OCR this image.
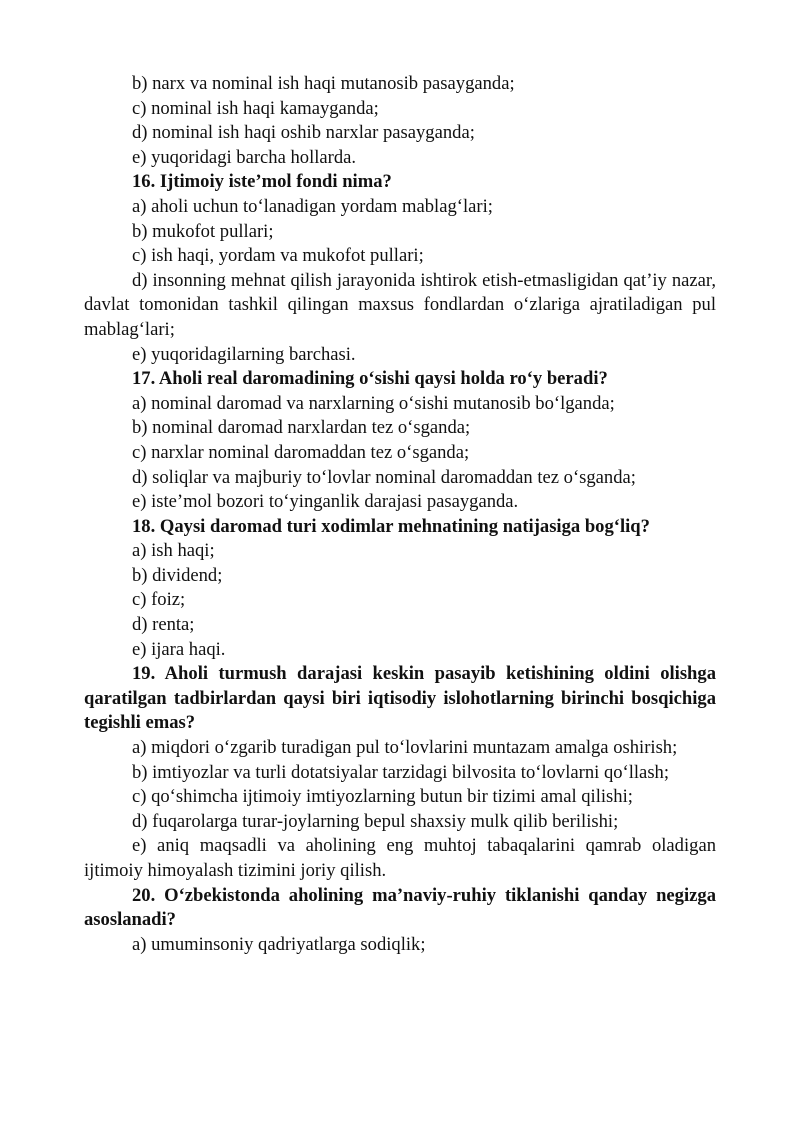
b) narx va nominal ish haqi mutanosib pasayganda;

c) nominal ish haqi kamayganda;

d) nominal ish haqi oshib narxlar pasayganda;

e) yuqoridagi barcha hollarda.

16. Ijtimoiy iste’mol fondi nima?

a) aholi uchun to‘lanadigan yordam mablag‘lari;

b) mukofot pullari;

c) ish haqi, yordam va mukofot pullari;

d) insonning mehnat qilish jarayonida ishtirok etish-etmasligidan qat’iy nazar, davlat tomonidan tashkil qilingan maxsus fondlardan o‘zlariga ajratiladigan pul mablag‘lari;

e) yuqoridagilarning barchasi.

17. Aholi real daromadining o‘sishi qaysi holda ro‘y beradi?

a) nominal daromad va narxlarning o‘sishi mutanosib bo‘lganda;

b) nominal daromad narxlardan tez o‘sganda;

c) narxlar nominal daromaddan tez o‘sganda;

d) soliqlar va majburiy to‘lovlar nominal daromaddan tez o‘sganda;

e) iste’mol bozori to‘yinganlik darajasi pasayganda.

18. Qaysi daromad turi xodimlar mehnatining natijasiga bog‘liq?

a) ish haqi;

b) dividend;

c) foiz;

d) renta;

e) ijara haqi.

19. Aholi turmush darajasi keskin pasayib ketishining oldini olishga qaratilgan tadbirlardan qaysi biri iqtisodiy islohotlarning birinchi bosqichiga tegishli emas?

a) miqdori o‘zgarib turadigan pul to‘lovlarini muntazam amalga oshirish;

b) imtiyozlar va turli dotatsiyalar tarzidagi bilvosita to‘lovlarni qo‘llash;

c) qo‘shimcha ijtimoiy imtiyozlarning butun bir tizimi amal qilishi;

d) fuqarolarga turar-joylarning bepul shaxsiy mulk qilib berilishi;

e) aniq maqsadli va aholining eng muhtoj tabaqalarini qamrab oladigan ijtimoiy himoyalash tizimini joriy qilish.

20. O‘zbekistonda aholining ma’naviy-ruhiy tiklanishi qanday negizga asoslanadi?

a) umuminsoniy qadriyatlarga sodiqlik;
